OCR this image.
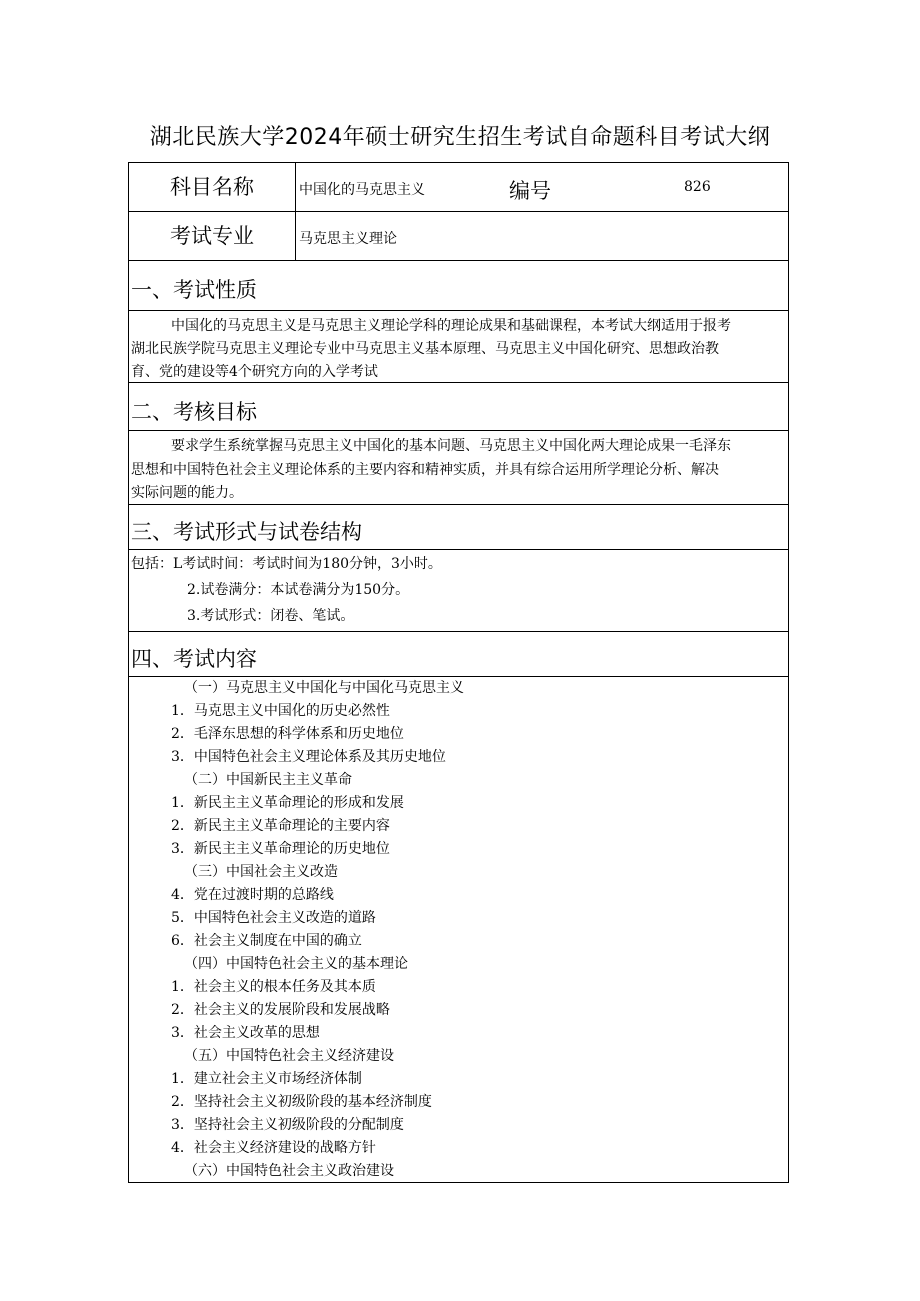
湖北民族大学2024年硕士研究生招生考试自命题科目考试大纲
科目名称	中国化的马克思主义	编号	826
考试专业	马克思主义理论
一、考试性质
中国化的马克思主义是马克思主义理论学科的理论成果和基础课程，本考试大纲适用于报考
湖北民族学院马克思主义理论专业中马克思主义基本原理、马克思主义中国化研究、思想政治教
育、党的建设等4个研究方向的入学考试
二、考核目标
要求学生系统掌握马克思主义中国化的基本问题、马克思主义中国化两大理论成果一毛泽东
思想和中国特色社会主义理论体系的主要内容和精神实质，并具有综合运用所学理论分析、解决
实际问题的能力。
三、考试形式与试卷结构
包括：L考试时间：考试时间为180分钟，3小时。
2.试卷满分：本试卷满分为150分。
3.考试形式：闭卷、笔试。
四、考试内容
（一）马克思主义中国化与中国化马克思主义
1．马克思主义中国化的历史必然性
2．毛泽东思想的科学体系和历史地位
3．中国特色社会主义理论体系及其历史地位
（二）中国新民主主义革命
1．新民主主义革命理论的形成和发展
2．新民主主义革命理论的主要内容
3．新民主主义革命理论的历史地位
（三）中国社会主义改造
4．党在过渡时期的总路线
5．中国特色社会主义改造的道路
6．社会主义制度在中国的确立
（四）中国特色社会主义的基本理论
1．社会主义的根本任务及其本质
2．社会主义的发展阶段和发展战略
3．社会主义改革的思想
（五）中国特色社会主义经济建设
1．建立社会主义市场经济体制
2．坚持社会主义初级阶段的基本经济制度
3．坚持社会主义初级阶段的分配制度
4．社会主义经济建设的战略方针
（六）中国特色社会主义政治建设
